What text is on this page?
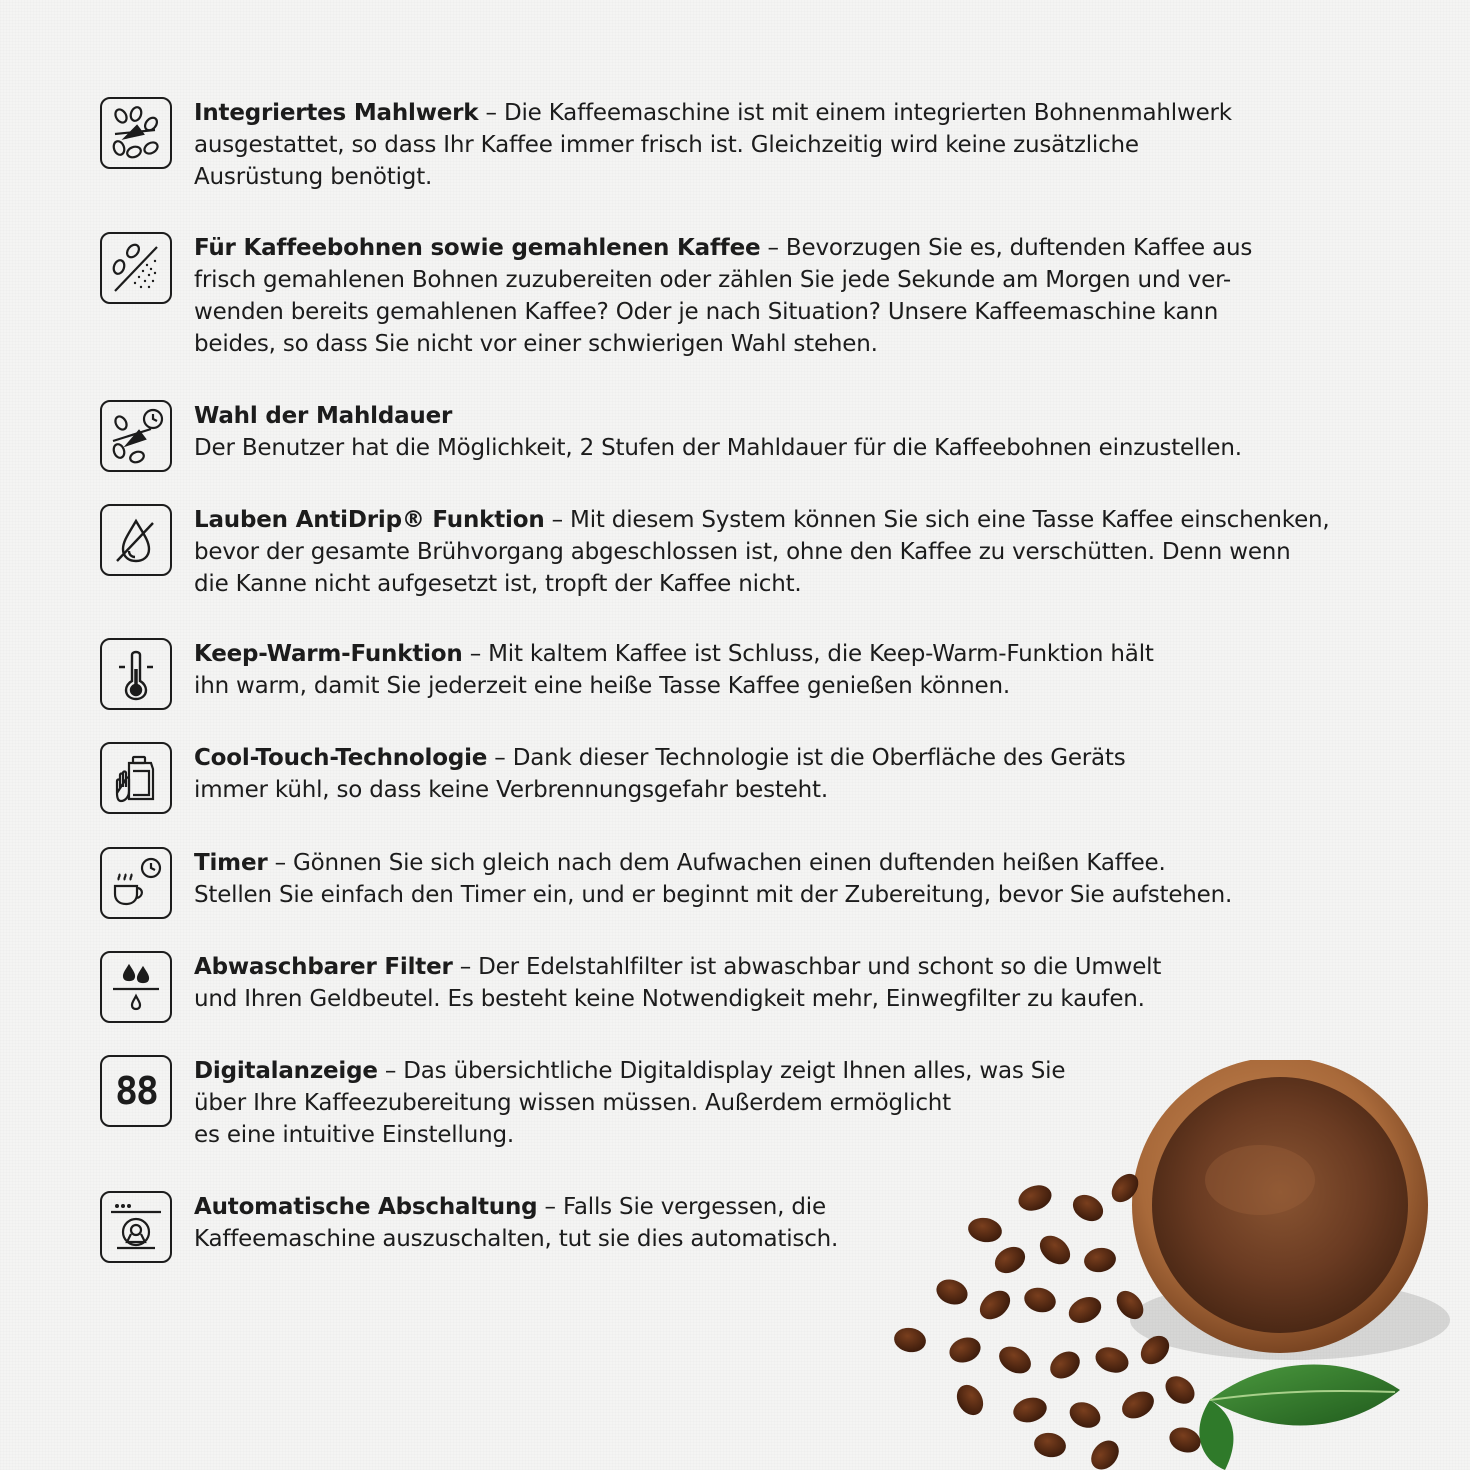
Integriertes Mahlwerk – Die Kaffeemaschine ist mit einem integrierten Bohnenmahlwerk
ausgestattet, so dass Ihr Kaffee immer frisch ist. Gleichzeitig wird keine zusätzliche
Ausrüstung benötigt.
Für Kaffeebohnen sowie gemahlenen Kaffee – Bevorzugen Sie es, duftenden Kaffee aus
frisch gemahlenen Bohnen zuzubereiten oder zählen Sie jede Sekunde am Morgen und ver-
wenden bereits gemahlenen Kaffee? Oder je nach Situation? Unsere Kaffeemaschine kann
beides, so dass Sie nicht vor einer schwierigen Wahl stehen.
Wahl der Mahldauer
Der Benutzer hat die Möglichkeit, 2 Stufen der Mahldauer für die Kaffeebohnen einzustellen.
Lauben AntiDrip® Funktion – Mit diesem System können Sie sich eine Tasse Kaffee einschenken,
bevor der gesamte Brühvorgang abgeschlossen ist, ohne den Kaffee zu verschütten. Denn wenn
die Kanne nicht aufgesetzt ist, tropft der Kaffee nicht.
Keep-Warm-Funktion – Mit kaltem Kaffee ist Schluss, die Keep-Warm-Funktion hält
ihn warm, damit Sie jederzeit eine heiße Tasse Kaffee genießen können.
Cool-Touch-Technologie – Dank dieser Technologie ist die Oberfläche des Geräts
immer kühl, so dass keine Verbrennungsgefahr besteht.
Timer – Gönnen Sie sich gleich nach dem Aufwachen einen duftenden heißen Kaffee.
Stellen Sie einfach den Timer ein, und er beginnt mit der Zubereitung, bevor Sie aufstehen.
Abwaschbarer Filter – Der Edelstahlfilter ist abwaschbar und schont so die Umwelt
und Ihren Geldbeutel. Es besteht keine Notwendigkeit mehr, Einwegfilter zu kaufen.
88 Digitalanzeige – Das übersichtliche Digitaldisplay zeigt Ihnen alles, was Sie
über Ihre Kaffeezubereitung wissen müssen. Außerdem ermöglicht
es eine intuitive Einstellung.
Automatische Abschaltung – Falls Sie vergessen, die
Kaffeemaschine auszuschalten, tut sie dies automatisch.
